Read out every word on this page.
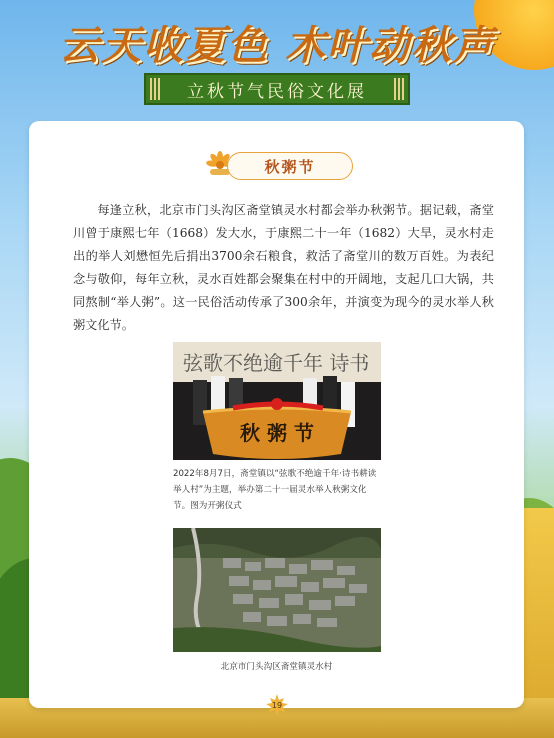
云天收夏色 木叶动秋声
立秋节气民俗文化展
秋粥节

每逢立秋，北京市门头沟区斋堂镇灵水村都会举办秋粥节。据记载，斋堂川曾于康熙七年（1668）发大水，于康熙二十一年（1682）大旱，灵水村走出的举人刘懋恒先后捐出3700余石粮食，救活了斋堂川的数万百姓。为表纪念与敬仰，每年立秋，灵水百姓都会聚集在村中的开阔地，支起几口大锅，共同熬制“举人粥”。这一民俗活动传承了300余年，并演变为现今的灵水举人秋粥文化节。

弦歌不绝逾千年 诗书
秋 粥 节

2022年8月7日，斋堂镇以“弦歌不绝逾千年·诗书耕读举人村”为主题，举办第二十一届灵水举人秋粥文化节。图为开粥仪式

北京市门头沟区斋堂镇灵水村
19
